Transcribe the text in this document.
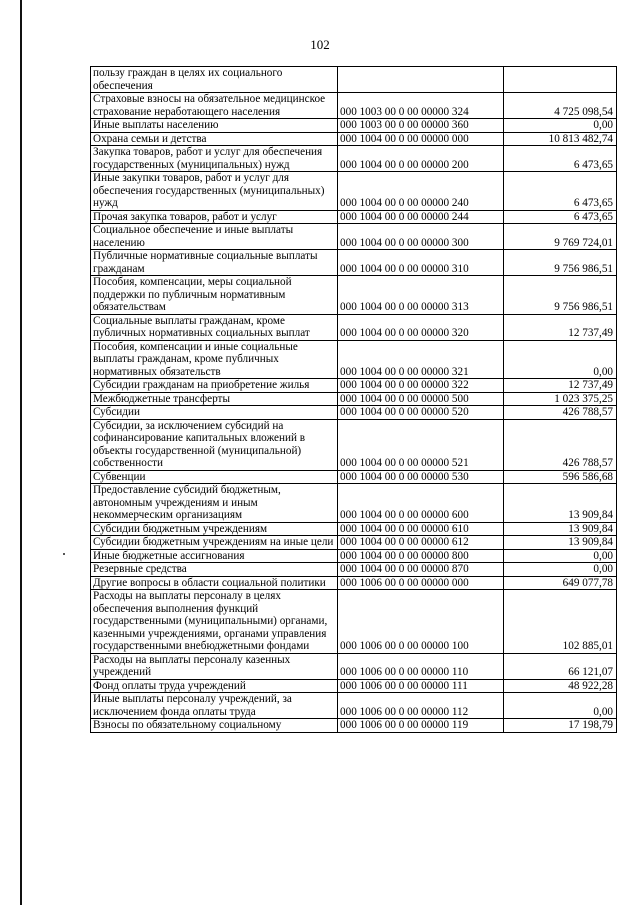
102
пользу граждан в целях их социального обеспечения		
Страховые взносы на обязательное медицинское страхование неработающего населения	000 1003 00 0 00 00000 324	4 725 098,54
Иные выплаты населению	000 1003 00 0 00 00000 360	0,00
Охрана семьи и детства	000 1004 00 0 00 00000 000	10 813 482,74
Закупка товаров, работ и услуг для обеспечения государственных (муниципальных) нужд	000 1004 00 0 00 00000 200	6 473,65
Иные закупки товаров, работ и услуг для обеспечения государственных (муниципальных) нужд	000 1004 00 0 00 00000 240	6 473,65
Прочая закупка товаров, работ и услуг	000 1004 00 0 00 00000 244	6 473,65
Социальное обеспечение и иные выплаты населению	000 1004 00 0 00 00000 300	9 769 724,01
Публичные нормативные социальные выплаты гражданам	000 1004 00 0 00 00000 310	9 756 986,51
Пособия, компенсации, меры социальной поддержки по публичным нормативным обязательствам	000 1004 00 0 00 00000 313	9 756 986,51
Социальные выплаты гражданам, кроме публичных нормативных социальных выплат	000 1004 00 0 00 00000 320	12 737,49
Пособия, компенсации и иные социальные выплаты гражданам, кроме публичных нормативных обязательств	000 1004 00 0 00 00000 321	0,00
Субсидии гражданам на приобретение жилья	000 1004 00 0 00 00000 322	12 737,49
Межбюджетные трансферты	000 1004 00 0 00 00000 500	1 023 375,25
Субсидии	000 1004 00 0 00 00000 520	426 788,57
Субсидии, за исключением субсидий на софинансирование капитальных вложений в объекты государственной (муниципальной) собственности	000 1004 00 0 00 00000 521	426 788,57
Субвенции	000 1004 00 0 00 00000 530	596 586,68
Предоставление субсидий бюджетным, автономным учреждениям и иным некоммерческим организациям	000 1004 00 0 00 00000 600	13 909,84
Субсидии бюджетным учреждениям	000 1004 00 0 00 00000 610	13 909,84
Субсидии бюджетным учреждениям на иные цели	000 1004 00 0 00 00000 612	13 909,84
Иные бюджетные ассигнования	000 1004 00 0 00 00000 800	0,00
Резервные средства	000 1004 00 0 00 00000 870	0,00
Другие вопросы в области социальной политики	000 1006 00 0 00 00000 000	649 077,78
Расходы на выплаты персоналу в целях обеспечения выполнения функций государственными (муниципальными) органами, казенными учреждениями, органами управления государственными внебюджетными фондами	000 1006 00 0 00 00000 100	102 885,01
Расходы на выплаты персоналу казенных учреждений	000 1006 00 0 00 00000 110	66 121,07
Фонд оплаты труда учреждений	000 1006 00 0 00 00000 111	48 922,28
Иные выплаты персоналу учреждений, за исключением фонда оплаты труда	000 1006 00 0 00 00000 112	0,00
Взносы по обязательному социальному	000 1006 00 0 00 00000 119	17 198,79
